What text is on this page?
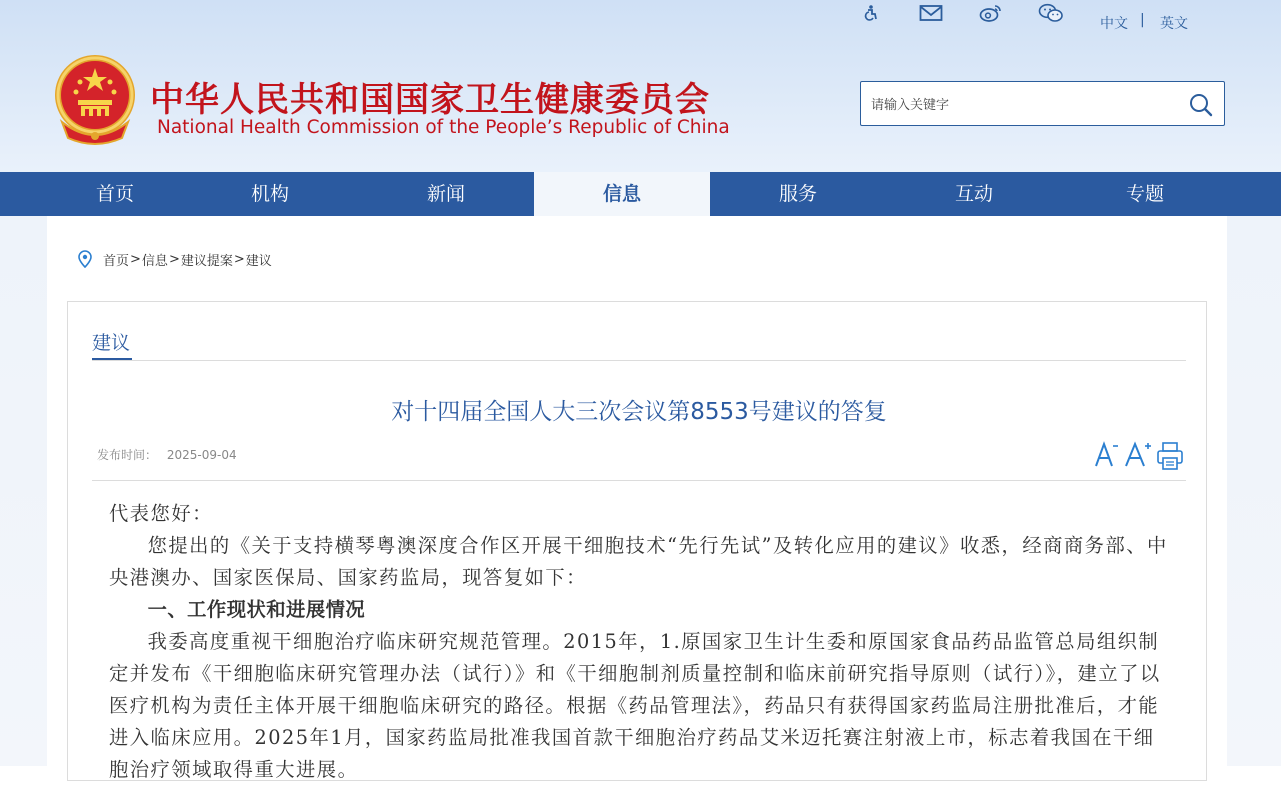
中文 | 英文
中华人民共和国国家卫生健康委员会
National Health Commission of the People’s Republic of China
请输入关键字
首页	机构	新闻	信息	服务	互动	专题
首页 > 信息 > 建议提案 > 建议
建议
对十四届全国人大三次会议第8553号建议的答复
发布时间： 2025-09-04

代表您好：

您提出的《关于支持横琴粤澳深度合作区开展干细胞技术“先行先试”及转化应用的建议》收悉，经商商务部、中央港澳办、国家医保局、国家药监局，现答复如下：

一、工作现状和进展情况

我委高度重视干细胞治疗临床研究规范管理。2015年，1.原国家卫生计生委和原国家食品药品监管总局组织制定并发布《干细胞临床研究管理办法（试行）》和《干细胞制剂质量控制和临床前研究指导原则（试行）》，建立了以医疗机构为责任主体开展干细胞临床研究的路径。根据《药品管理法》，药品只有获得国家药监局注册批准后，才能进入临床应用。2025年1月，国家药监局批准我国首款干细胞治疗药品艾米迈托赛注射液上市，标志着我国在干细胞治疗领域取得重大进展。
